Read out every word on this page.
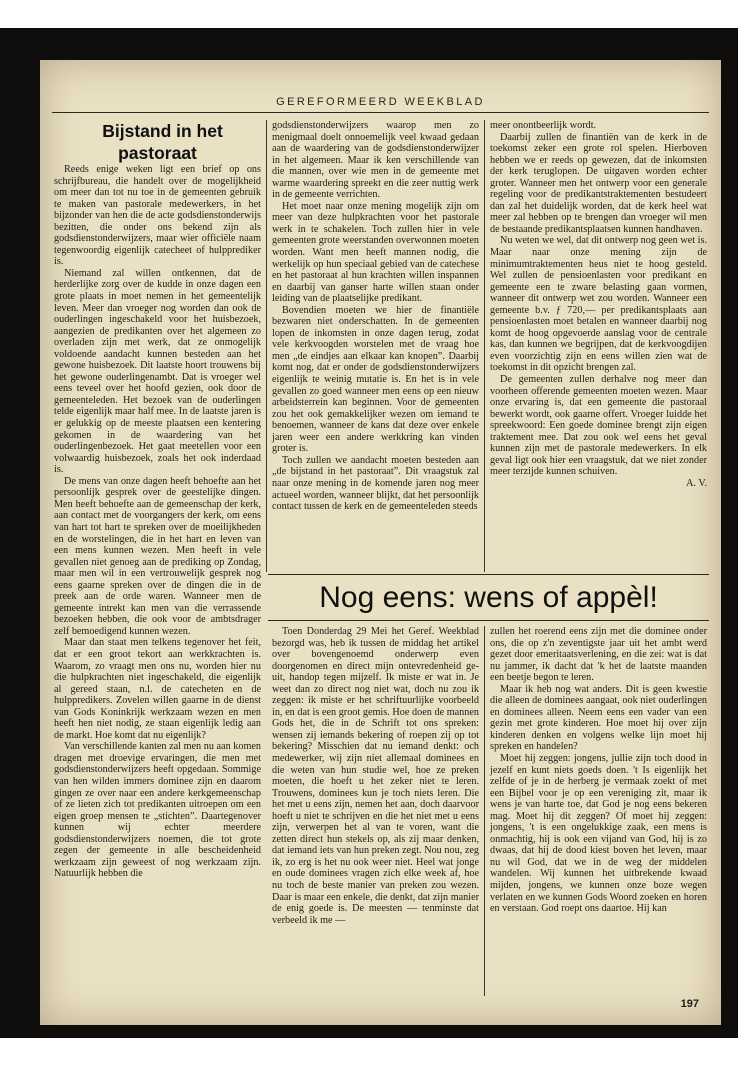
GEREFORMEERD WEEKBLAD

Bijstand in het pastoraat

Reeds enige weken ligt een brief op ons schrijfbureau, die handelt over de mogelijkheid om meer dan tot nu toe in de gemeenten gebruik te maken van pastorale medewerkers, in het bijzonder van hen die de acte godsdienstonderwijs bezitten, die onder ons bekend zijn als godsdienstonderwijzers, maar wier officiële naam tegenwoordig eigenlijk catecheet of hulpprediker is.

Niemand zal willen ontkennen, dat de herderlijke zorg over de kudde in onze dagen een grote plaats in moet nemen in het gemeentelijk leven. Meer dan vroeger nog worden dan ook de ouderlingen ingeschakeld voor het huisbezoek, aangezien de predikanten over het algemeen zo overladen zijn met werk, dat ze onmogelijk voldoende aandacht kunnen besteden aan het gewone huisbezoek. Dit laatste hoort trouwens bij het gewone ouderlingenambt. Dat is vroeger wel eens teveel over het hoofd gezien, ook door de gemeenteleden. Het bezoek van de ouderlingen telde eigenlijk maar half mee. In de laatste jaren is er gelukkig op de meeste plaatsen een kentering gekomen in de waardering van het ouderlingenbezoek. Het gaat meetellen voor een volwaardig huisbezoek, zoals het ook inderdaad is.

De mens van onze dagen heeft behoefte aan het persoonlijk gesprek over de geestelijke dingen. Men heeft behoefte aan de gemeenschap der kerk, aan contact met de voorgangers der kerk, om eens van hart tot hart te spreken over de moeilijkheden en de worstelingen, die in het hart en leven van een mens kunnen wezen. Men heeft in vele gevallen niet genoeg aan de prediking op Zondag, maar men wil in een vertrouwelijk gesprek nog eens gaarne spreken over de dingen die in de preek aan de orde waren. Wanneer men de gemeente intrekt kan men van die verrassende bezoeken hebben, die ook voor de ambtsdrager zelf bemoedigend kunnen wezen.

Maar dan staat men telkens tegenover het feit, dat er een groot tekort aan werkkrachten is. Waarom, zo vraagt men ons nu, worden hier nu die hulpkrachten niet ingeschakeld, die eigenlijk al gereed staan, n.l. de catecheten en de hulppredikers. Zovelen willen gaarne in de dienst van Gods Koninkrijk werkzaam wezen en men heeft hen niet nodig, ze staan eigenlijk ledig aan de markt. Hoe komt dat nu eigenlijk?

Van verschillende kanten zal men nu aan komen dragen met droevige ervaringen, die men met godsdienstonderwijzers heeft opgedaan. Sommige van hen wilden immers dominee zijn en daarom gingen ze over naar een andere kerkgemeenschap of ze lieten zich tot predikanten uitroepen om een eigen groep mensen te „stichten”. Daartegenover kunnen wij echter meerdere godsdienstonderwijzers noemen, die tot grote zegen der gemeente in alle bescheidenheid werkzaam zijn geweest of nog werkzaam zijn. Natuurlijk hebben die

godsdienstonderwijzers waarop men zo menigmaal doelt onnoemelijk veel kwaad gedaan aan de waardering van de godsdienstonderwijzer in het algemeen. Maar ik ken verschillende van die mannen, over wie men in de gemeente met warme waardering spreekt en die zeer nuttig werk in de gemeente verrichten.

Het moet naar onze mening mogelijk zijn om meer van deze hulpkrachten voor het pastorale werk in te schakelen. Toch zullen hier in vele gemeenten grote weerstanden overwonnen moeten worden. Want men heeft mannen nodig, die werkelijk op hun speciaal gebied van de catechese en het pastoraat al hun krachten willen inspannen en daarbij van ganser harte willen staan onder leiding van de plaatselijke predikant.

Bovendien moeten we hier de finantiële bezwaren niet onderschatten. In de gemeenten lopen de inkomsten in onze dagen terug, zodat vele kerkvoogden worstelen met de vraag hoe men „de eindjes aan elkaar kan knopen”. Daarbij komt nog, dat er onder de godsdienstonderwijzers eigenlijk te weinig mutatie is. En het is in vele gevallen zo goed wanneer men eens op een nieuw arbeidsterrein kan beginnen. Voor de gemeenten zou het ook gemakkelijker wezen om iemand te benoemen, wanneer de kans dat deze over enkele jaren weer een andere werkkring kan vinden groter is.

Toch zullen we aandacht moeten besteden aan „de bijstand in het pastoraat”. Dit vraagstuk zal naar onze mening in de komende jaren nog meer actueel worden, wanneer blijkt, dat het persoonlijk contact tussen de kerk en de gemeenteleden steeds

meer onontbeerlijk wordt.

Daarbij zullen de finantiën van de kerk in de toekomst zeker een grote rol spelen. Hierboven hebben we er reeds op gewezen, dat de inkomsten der kerk teruglopen. De uitgaven worden echter groter. Wanneer men het ontwerp voor een generale regeling voor de predikantstraktementen bestudeert dan zal het duidelijk worden, dat de kerk heel wat meer zal hebben op te brengen dan vroeger wil men de bestaande predikantsplaatsen kunnen handhaven.

Nu weten we wel, dat dit ontwerp nog geen wet is. Maar naar onze mening zijn de minimumtraktementen heus niet te hoog gesteld. Wel zullen de pensioenlasten voor predikant en gemeente een te zware belasting gaan vormen, wanneer dit ontwerp wet zou worden. Wanneer een gemeente b.v. ƒ 720,— per predikantsplaats aan pensioenlasten moet betalen en wanneer daarbij nog komt de hoog opgevoerde aanslag voor de centrale kas, dan kunnen we begrijpen, dat de kerkvoogdijen even voorzichtig zijn en eens willen zien wat de toekomst in dit opzicht brengen zal.

De gemeenten zullen derhalve nog meer dan voorheen offerende gemeenten moeten wezen. Maar onze ervaring is, dat een gemeente die pastoraal bewerkt wordt, ook gaarne offert. Vroeger luidde het spreekwoord: Een goede dominee brengt zijn eigen traktement mee. Dat zou ook wel eens het geval kunnen zijn met de pastorale medewerkers. In elk geval ligt ook hier een vraagstuk, dat we niet zonder meer terzijde kunnen schuiven.

A. V.

Nog eens: wens of appèl!

Toen Donderdag 29 Mei het Geref. Weekblad bezorgd was, heb ik tussen de middag het artikel over bovengenoemd onderwerp even doorgenomen en direct mijn ontevredenheid ge-uit, handop tegen mijzelf. Ik miste er wat in. Je weet dan zo direct nog niet wat, doch nu zou ik zeggen: ik miste er het schriftuurlijke voorbeeld in, en dat is een groot gemis. Hoe doen de mannen Gods het, die in de Schrift tot ons spreken: wensen zij iemands bekering of roepen zij op tot bekering? Misschien dat nu iemand denkt: och medewerker, wij zijn niet allemaal dominees en die weten van hun studie wel, hoe ze preken moeten, die hoeft u het zeker niet te leren. Trouwens, dominees kun je toch niets leren. Die het met u eens zijn, nemen het aan, doch daarvoor hoeft u niet te schrijven en die het niet met u eens zijn, verwerpen het al van te voren, want die zetten direct hun stekels op, als zij maar denken, dat iemand iets van hun preken zegt. Nou nou, zeg ik, zo erg is het nu ook weer niet. Heel wat jonge en oude dominees vragen zich elke week af, hoe nu toch de beste manier van preken zou wezen. Daar is maar een enkele, die denkt, dat zijn manier de enig goede is. De meesten — tenminste dat verbeeld ik me —

zullen het roerend eens zijn met die dominee onder ons, die op z'n zeventigste jaar uit het ambt werd gezet door emeritaatsverlening, en die zei: wat is dat nu jammer, ik dacht dat 'k het de laatste maanden een beetje begon te leren.

Maar ik heb nog wat anders. Dit is geen kwestie die alleen de dominees aangaat, ook niet ouderlingen en dominees alleen. Neem eens een vader van een gezin met grote kinderen. Hoe moet hij over zijn kinderen denken en volgens welke lijn moet hij spreken en handelen?

Moet hij zeggen: jongens, jullie zijn toch dood in jezelf en kunt niets goeds doen. 't Is eigenlijk het zelfde of je in de herberg je vermaak zoekt of met een Bijbel voor je op een vereniging zit, maar ik wens je van harte toe, dat God je nog eens bekeren mag. Moet hij dit zeggen? Of moet hij zeggen: jongens, 't is een ongelukkige zaak, een mens is onmachtig, hij is ook een vijand van God, hij is zo dwaas, dat hij de dood kiest boven het leven, maar nu wil God, dat we in de weg der middelen wandelen. Wij kunnen het uitbrekende kwaad mijden, jongens, we kunnen onze boze wegen verlaten en we kunnen Gods Woord zoeken en horen en verstaan. God roept ons daartoe. Hij kan

197
